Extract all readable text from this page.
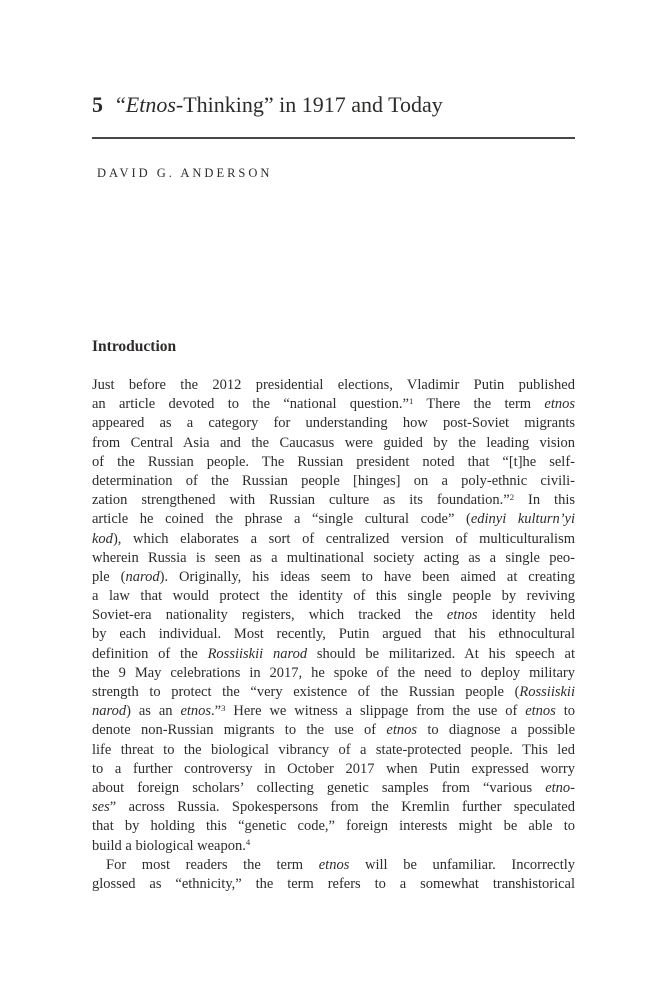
5 “Etnos-Thinking” in 1917 and Today
DAVID G. ANDERSON
Introduction
Just before the 2012 presidential elections, Vladimir Putin published
an article devoted to the “national question.”$^1$ There the term etnos
appeared as a category for understanding how post-Soviet migrants
from Central Asia and the Caucasus were guided by the leading vision
of the Russian people. The Russian president noted that “[t]he self-
determination of the Russian people [hinges] on a poly-ethnic civili-
zation strengthened with Russian culture as its foundation.”$^2$ In this
article he coined the phrase a “single cultural code” (edinyi kulturn’yi
kod), which elaborates a sort of centralized version of multiculturalism
wherein Russia is seen as a multinational society acting as a single peo-
ple (narod). Originally, his ideas seem to have been aimed at creating
a law that would protect the identity of this single people by reviving
Soviet-era nationality registers, which tracked the etnos identity held
by each individual. Most recently, Putin argued that his ethnocultural
definition of the Rossiiskii narod should be militarized. At his speech at
the 9 May celebrations in 2017, he spoke of the need to deploy military
strength to protect the “very existence of the Russian people (Rossiiskii
narod) as an etnos.”$^3$ Here we witness a slippage from the use of etnos to
denote non-Russian migrants to the use of etnos to diagnose a possible
life threat to the biological vibrancy of a state-protected people. This led
to a further controversy in October 2017 when Putin expressed worry
about foreign scholars’ collecting genetic samples from “various etno-
ses” across Russia. Spokespersons from the Kremlin further speculated
that by holding this “genetic code,” foreign interests might be able to
build a biological weapon.$^4$
For most readers the term etnos will be unfamiliar. Incorrectly
glossed as “ethnicity,” the term refers to a somewhat transhistorical
